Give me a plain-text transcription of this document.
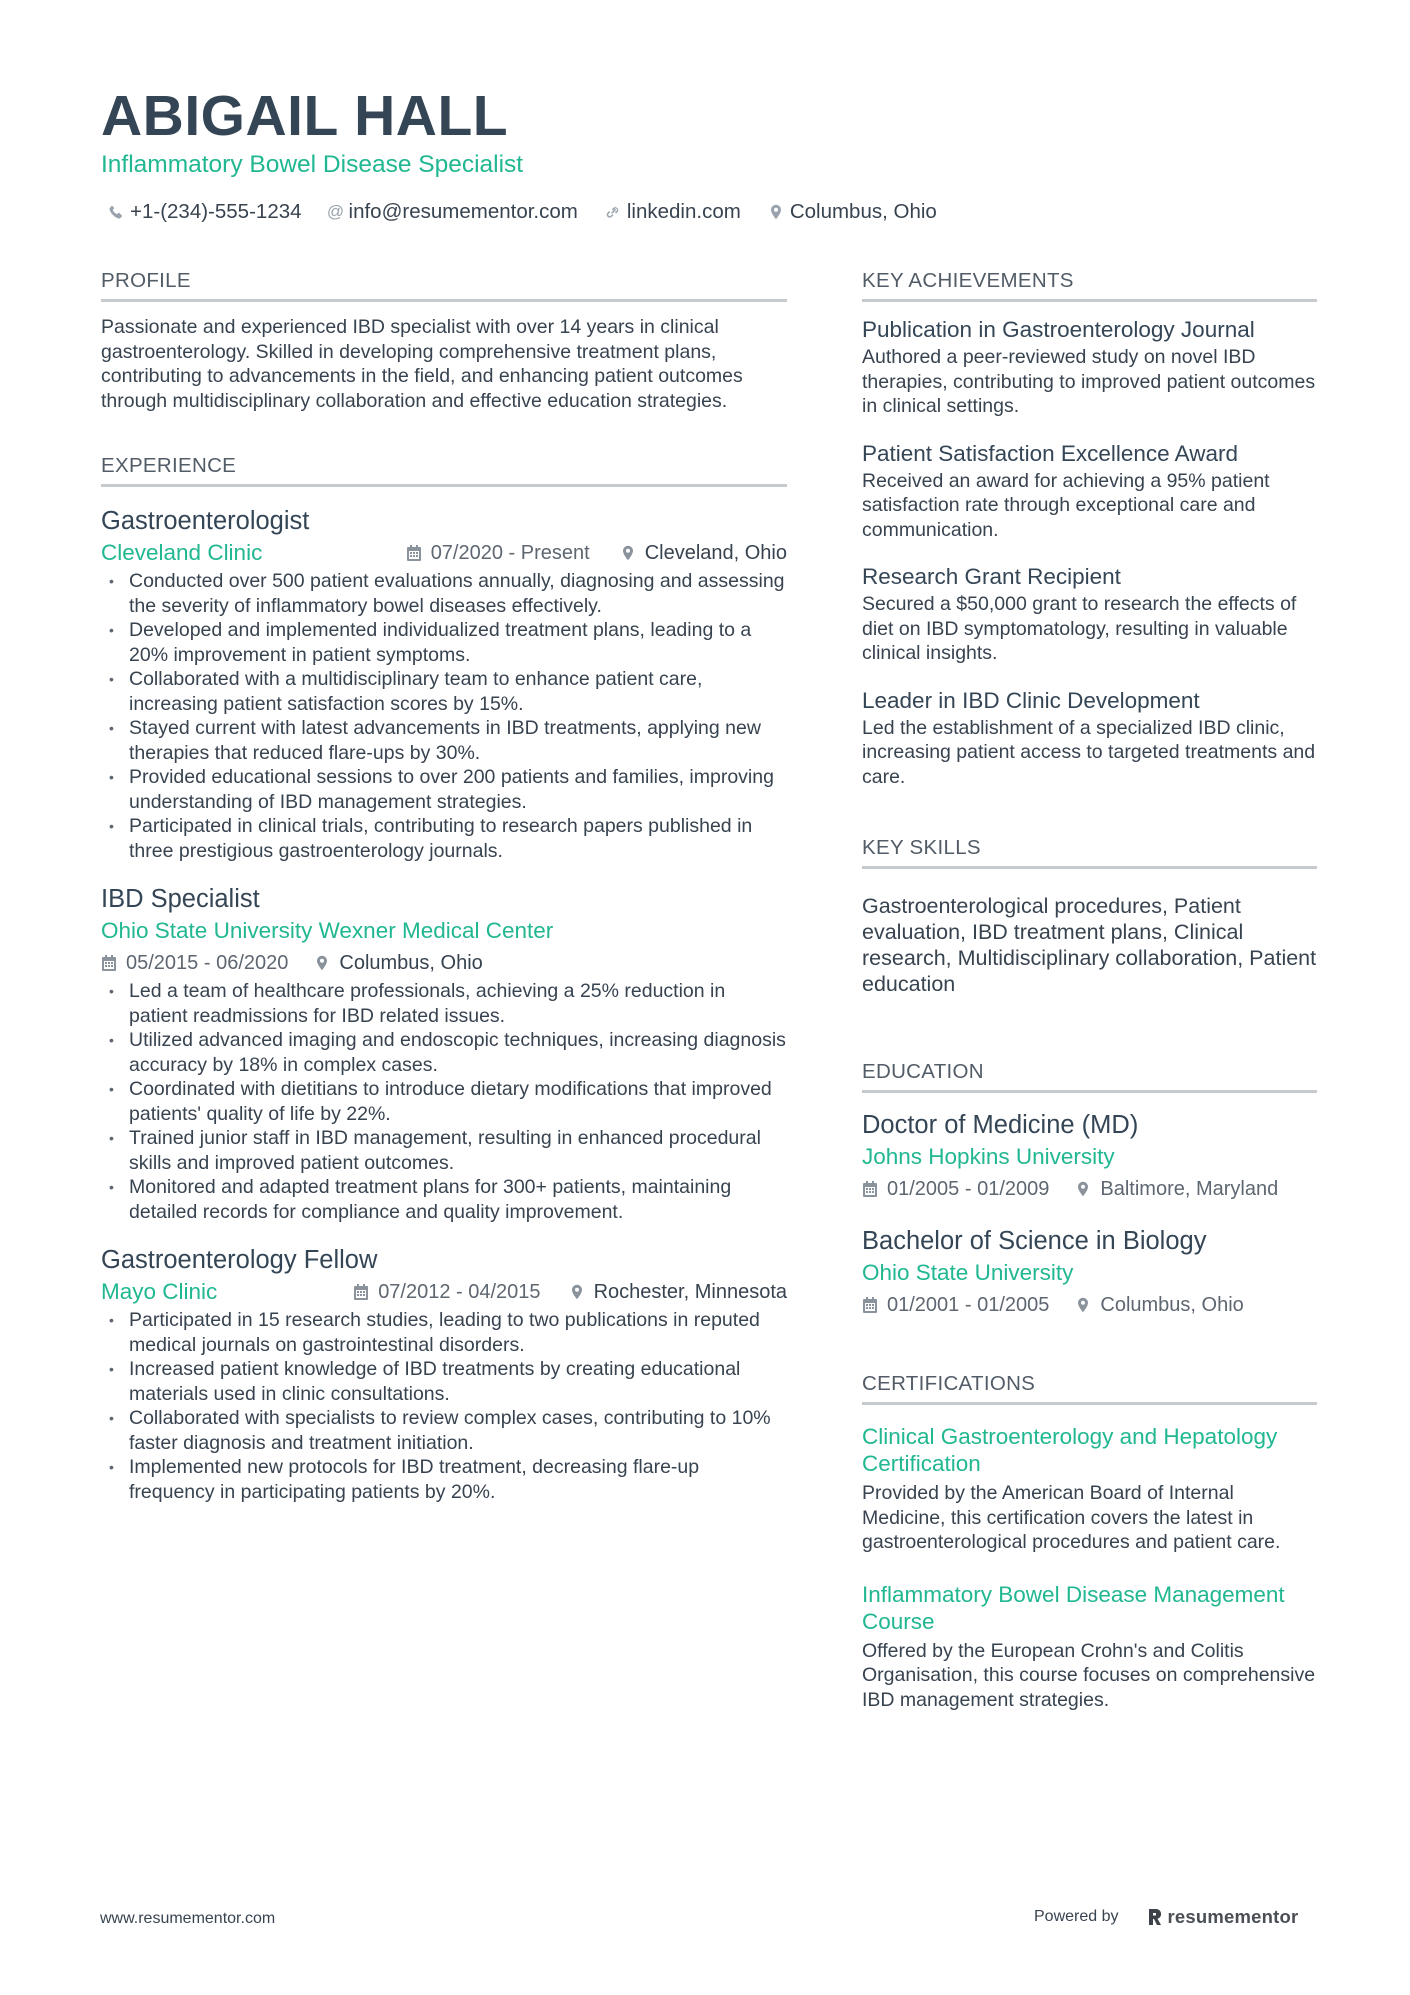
ABIGAIL HALL
Inflammatory Bowel Disease Specialist
+1-(234)-555-1234 @ info@resumementor.com linkedin.com Columbus, Ohio
PROFILE
Passionate and experienced IBD specialist with over 14 years in clinical gastroenterology. Skilled in developing comprehensive treatment plans, contributing to advancements in the field, and enhancing patient outcomes through multidisciplinary collaboration and effective education strategies.
EXPERIENCE
Gastroenterologist
Cleveland Clinic	07/2020 - Present	Cleveland, Ohio
• Conducted over 500 patient evaluations annually, diagnosing and assessing the severity of inflammatory bowel diseases effectively.
• Developed and implemented individualized treatment plans, leading to a 20% improvement in patient symptoms.
• Collaborated with a multidisciplinary team to enhance patient care, increasing patient satisfaction scores by 15%.
• Stayed current with latest advancements in IBD treatments, applying new therapies that reduced flare-ups by 30%.
• Provided educational sessions to over 200 patients and families, improving understanding of IBD management strategies.
• Participated in clinical trials, contributing to research papers published in three prestigious gastroenterology journals.
IBD Specialist
Ohio State University Wexner Medical Center
05/2015 - 06/2020	Columbus, Ohio
• Led a team of healthcare professionals, achieving a 25% reduction in patient readmissions for IBD related issues.
• Utilized advanced imaging and endoscopic techniques, increasing diagnosis accuracy by 18% in complex cases.
• Coordinated with dietitians to introduce dietary modifications that improved patients' quality of life by 22%.
• Trained junior staff in IBD management, resulting in enhanced procedural skills and improved patient outcomes.
• Monitored and adapted treatment plans for 300+ patients, maintaining detailed records for compliance and quality improvement.
Gastroenterology Fellow
Mayo Clinic	07/2012 - 04/2015	Rochester, Minnesota
• Participated in 15 research studies, leading to two publications in reputed medical journals on gastrointestinal disorders.
• Increased patient knowledge of IBD treatments by creating educational materials used in clinic consultations.
• Collaborated with specialists to review complex cases, contributing to 10% faster diagnosis and treatment initiation.
• Implemented new protocols for IBD treatment, decreasing flare-up frequency in participating patients by 20%.
KEY ACHIEVEMENTS
Publication in Gastroenterology Journal
Authored a peer-reviewed study on novel IBD therapies, contributing to improved patient outcomes in clinical settings.
Patient Satisfaction Excellence Award
Received an award for achieving a 95% patient satisfaction rate through exceptional care and communication.
Research Grant Recipient
Secured a $50,000 grant to research the effects of diet on IBD symptomatology, resulting in valuable clinical insights.
Leader in IBD Clinic Development
Led the establishment of a specialized IBD clinic, increasing patient access to targeted treatments and care.
KEY SKILLS
Gastroenterological procedures, Patient evaluation, IBD treatment plans, Clinical research, Multidisciplinary collaboration, Patient education
EDUCATION
Doctor of Medicine (MD)
Johns Hopkins University
01/2005 - 01/2009	Baltimore, Maryland
Bachelor of Science in Biology
Ohio State University
01/2001 - 01/2005	Columbus, Ohio
CERTIFICATIONS
Clinical Gastroenterology and Hepatology Certification
Provided by the American Board of Internal Medicine, this certification covers the latest in gastroenterological procedures and patient care.
Inflammatory Bowel Disease Management Course
Offered by the European Crohn's and Colitis Organisation, this course focuses on comprehensive IBD management strategies.
www.resumementor.com	Powered by	resumementor
